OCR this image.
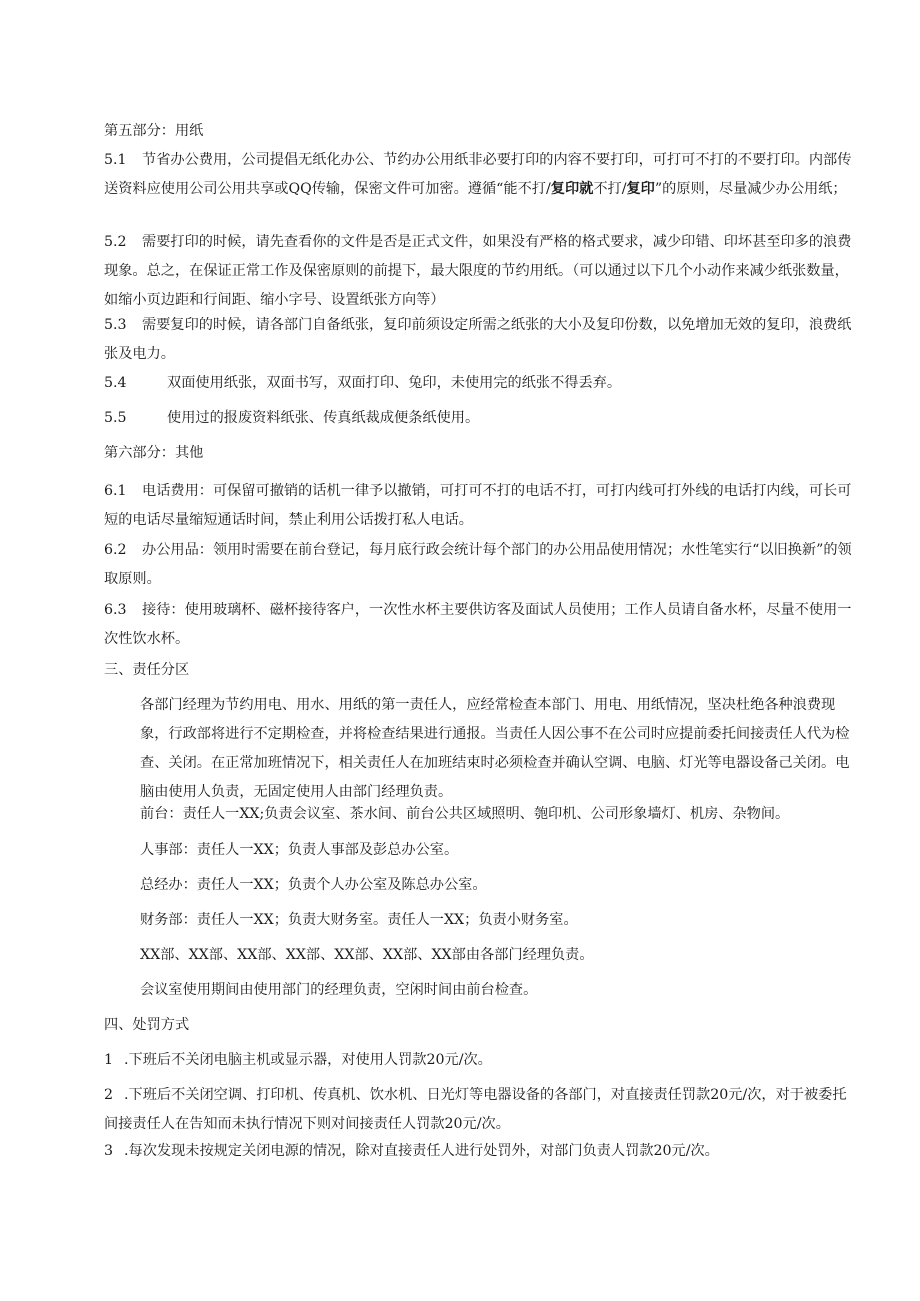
第五部分：用纸

5.1 节省办公费用，公司提倡无纸化办公、节约办公用纸非必要打印的内容不要打印，可打可不打的不要打印。内部传送资料应使用公司公用共享或QQ传输，保密文件可加密。遵循“能不打/复印就不打/复印”的原则，尽量减少办公用纸；

5.2 需要打印的时候，请先查看你的文件是否是正式文件，如果没有严格的格式要求，减少印错、印坏甚至印多的浪费现象。总之，在保证正常工作及保密原则的前提下，最大限度的节约用纸。（可以通过以下几个小动作来减少纸张数量，如缩小页边距和行间距、缩小字号、设置纸张方向等）

5.3 需要复印的时候，请各部门自备纸张，复印前须设定所需之纸张的大小及复印份数，以免增加无效的复印，浪费纸张及电力。

5.4	双面使用纸张，双面书写，双面打印、兔印，未使用完的纸张不得丢弃。

5.5	使用过的报废资料纸张、传真纸裁成便条纸使用。

第六部分：其他

6.1 电话费用：可保留可撤销的话机一律予以撤销，可打可不打的电话不打，可打内线可打外线的电话打内线，可长可短的电话尽量缩短通话时间，禁止利用公话拨打私人电话。

6.2 办公用品：领用时需要在前台登记，每月底行政会统计每个部门的办公用品使用情况；水性笔实行“以旧换新”的领取原则。

6.3 接待：使用玻璃杯、磁杯接待客户，一次性水杯主要供访客及面试人员使用；工作人员请自备水杯，尽量不使用一次性饮水杯。

三、责任分区

各部门经理为节约用电、用水、用纸的第一责任人，应经常检查本部门、用电、用纸情况，坚决杜绝各种浪费现象，行政部将进行不定期检查，并将检查结果进行通报。当责任人因公事不在公司时应提前委托间接责任人代为检查、关闭。在正常加班情况下，相关责任人在加班结束时必须检查并确认空调、电脑、灯光等电器设备己关闭。电脑由使用人负责，无固定使用人由部门经理负责。

前台：责任人一XX;负责会议室、茶水间、前台公共区域照明、匏印机、公司形象墙灯、机房、杂物间。

人事部：责任人一XX；负责人事部及彭总办公室。

总经办：责任人一XX；负责个人办公室及陈总办公室。

财务部：责任人一XX；负责大财务室。责任人一XX；负责小财务室。

XX部、XX部、XX部、XX部、XX部、XX部、XX部由各部门经理负责。

会议室使用期间由使用部门的经理负责，空闲时间由前台检查。

四、处罚方式

1 .下班后不关闭电脑主机或显示器，对使用人罚款20元/次。

2 .下班后不关闭空调、打印机、传真机、饮水机、日光灯等电器设备的各部门，对直接责任罚款20元/次，对于被委托间接责任人在告知而未执行情况下则对间接责任人罚款20元/次。

3 .每次发现未按规定关闭电源的情况，除对直接责任人进行处罚外，对部门负责人罚款20元/次。
